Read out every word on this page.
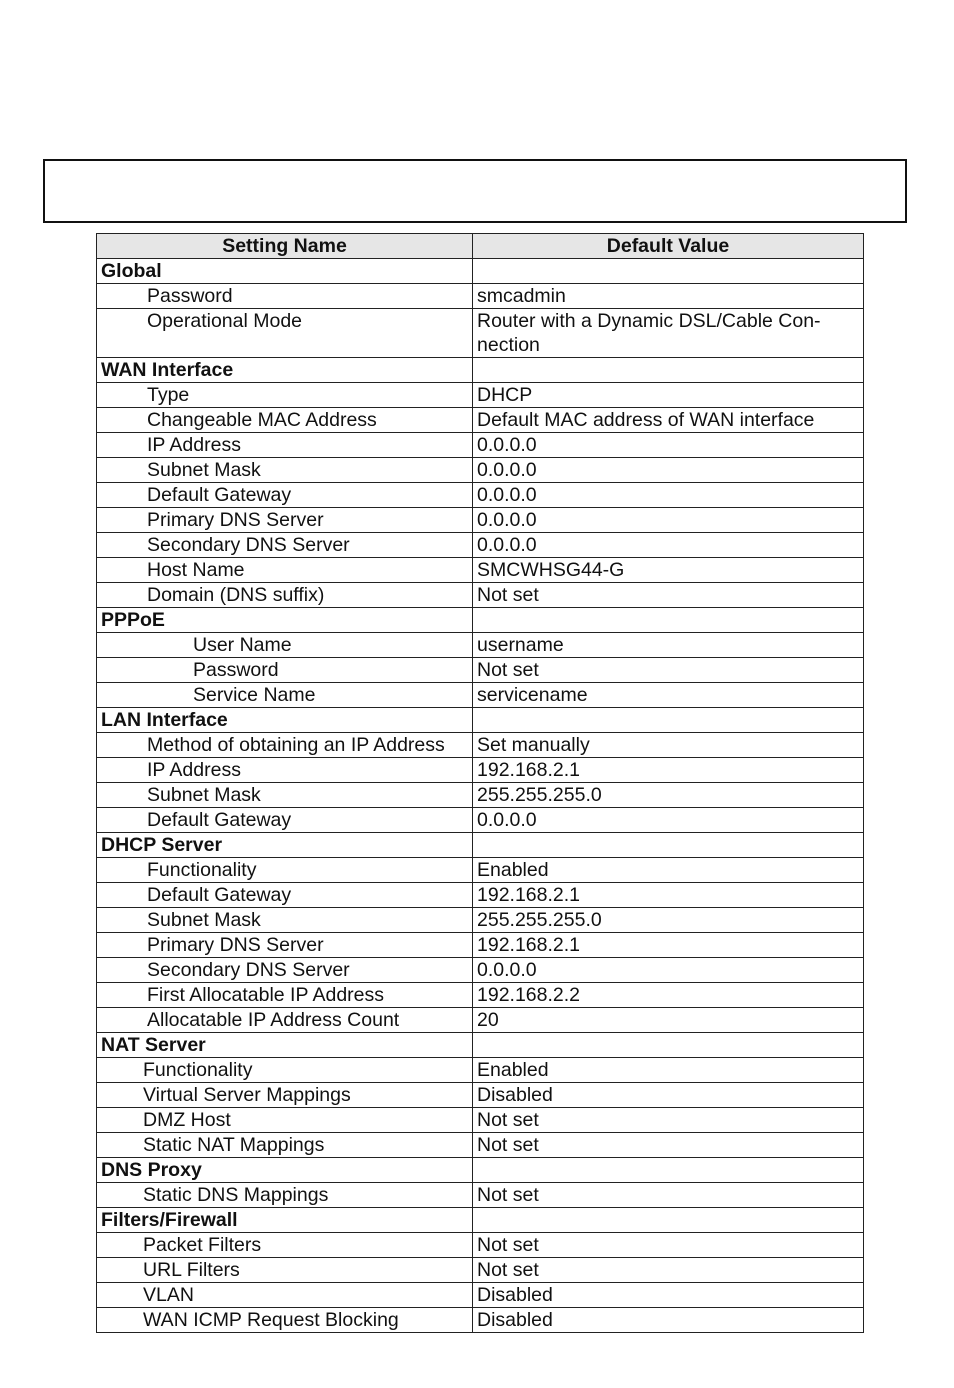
Setting Name	Default Value
Global	
Password	smcadmin
Operational Mode	Router with a Dynamic DSL/Cable Con-nection
WAN Interface	
Type	DHCP
Changeable MAC Address	Default MAC address of WAN interface
IP Address	0.0.0.0
Subnet Mask	0.0.0.0
Default Gateway	0.0.0.0
Primary DNS Server	0.0.0.0
Secondary DNS Server	0.0.0.0
Host Name	SMCWHSG44-G
Domain (DNS suffix)	Not set
PPPoE	
User Name	username
Password	Not set
Service Name	servicename
LAN Interface	
Method of obtaining an IP Address	Set manually
IP Address	192.168.2.1
Subnet Mask	255.255.255.0
Default Gateway	0.0.0.0
DHCP Server	
Functionality	Enabled
Default Gateway	192.168.2.1
Subnet Mask	255.255.255.0
Primary DNS Server	192.168.2.1
Secondary DNS Server	0.0.0.0
First Allocatable IP Address	192.168.2.2
Allocatable IP Address Count	20
NAT Server	
Functionality	Enabled
Virtual Server Mappings	Disabled
DMZ Host	Not set
Static NAT Mappings	Not set
DNS Proxy	
Static DNS Mappings	Not set
Filters/Firewall	
Packet Filters	Not set
URL Filters	Not set
VLAN	Disabled
WAN ICMP Request Blocking	Disabled
